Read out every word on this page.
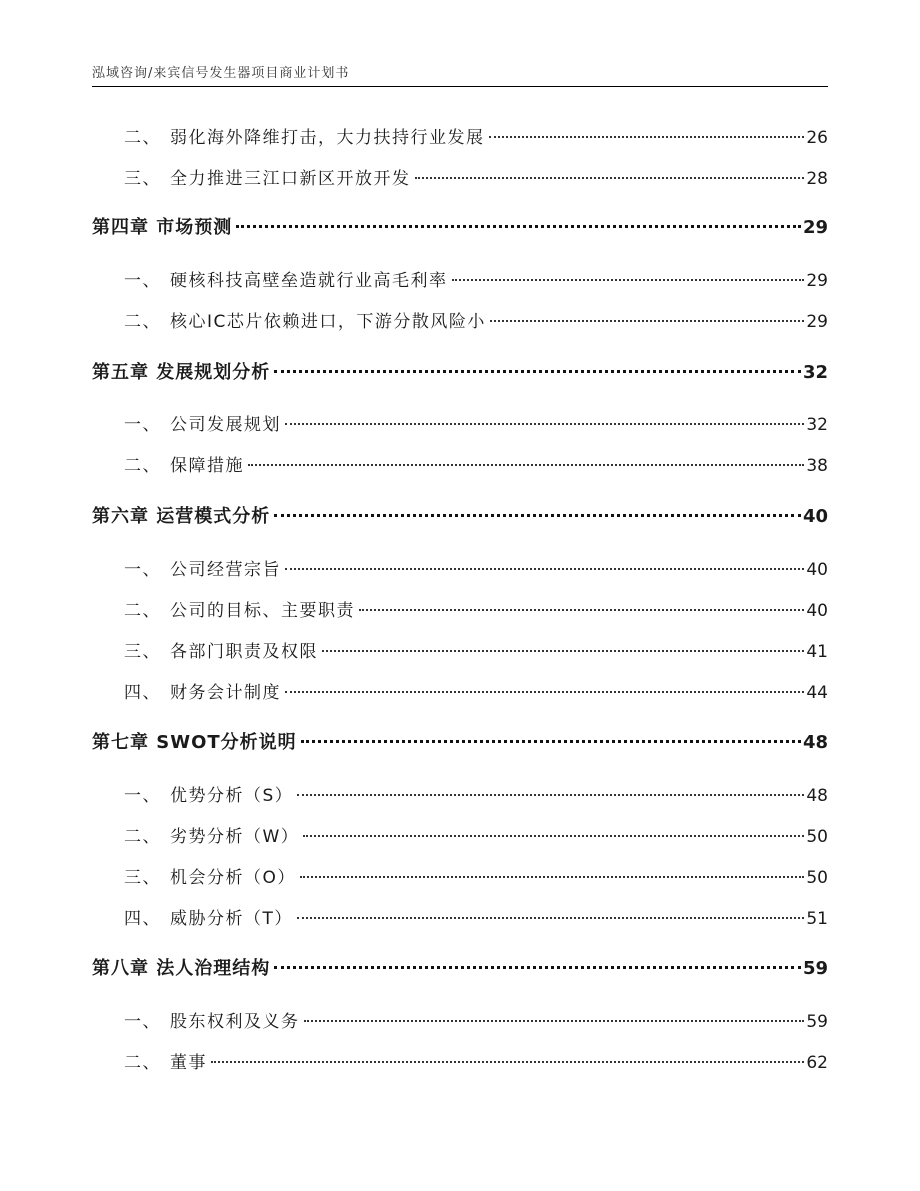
泓域咨询/来宾信号发生器项目商业计划书
二、 弱化海外降维打击，大力扶持行业发展	26
三、 全力推进三江口新区开放开发	28
第四章 市场预测	29
一、 硬核科技高壁垒造就行业高毛利率	29
二、 核心IC芯片依赖进口，下游分散风险小	29
第五章 发展规划分析	32
一、 公司发展规划	32
二、 保障措施	38
第六章 运营模式分析	40
一、 公司经营宗旨	40
二、 公司的目标、主要职责	40
三、 各部门职责及权限	41
四、 财务会计制度	44
第七章 SWOT分析说明	48
一、 优势分析（S）	48
二、 劣势分析（W）	50
三、 机会分析（O）	50
四、 威胁分析（T）	51
第八章 法人治理结构	59
一、 股东权利及义务	59
二、 董事	62
